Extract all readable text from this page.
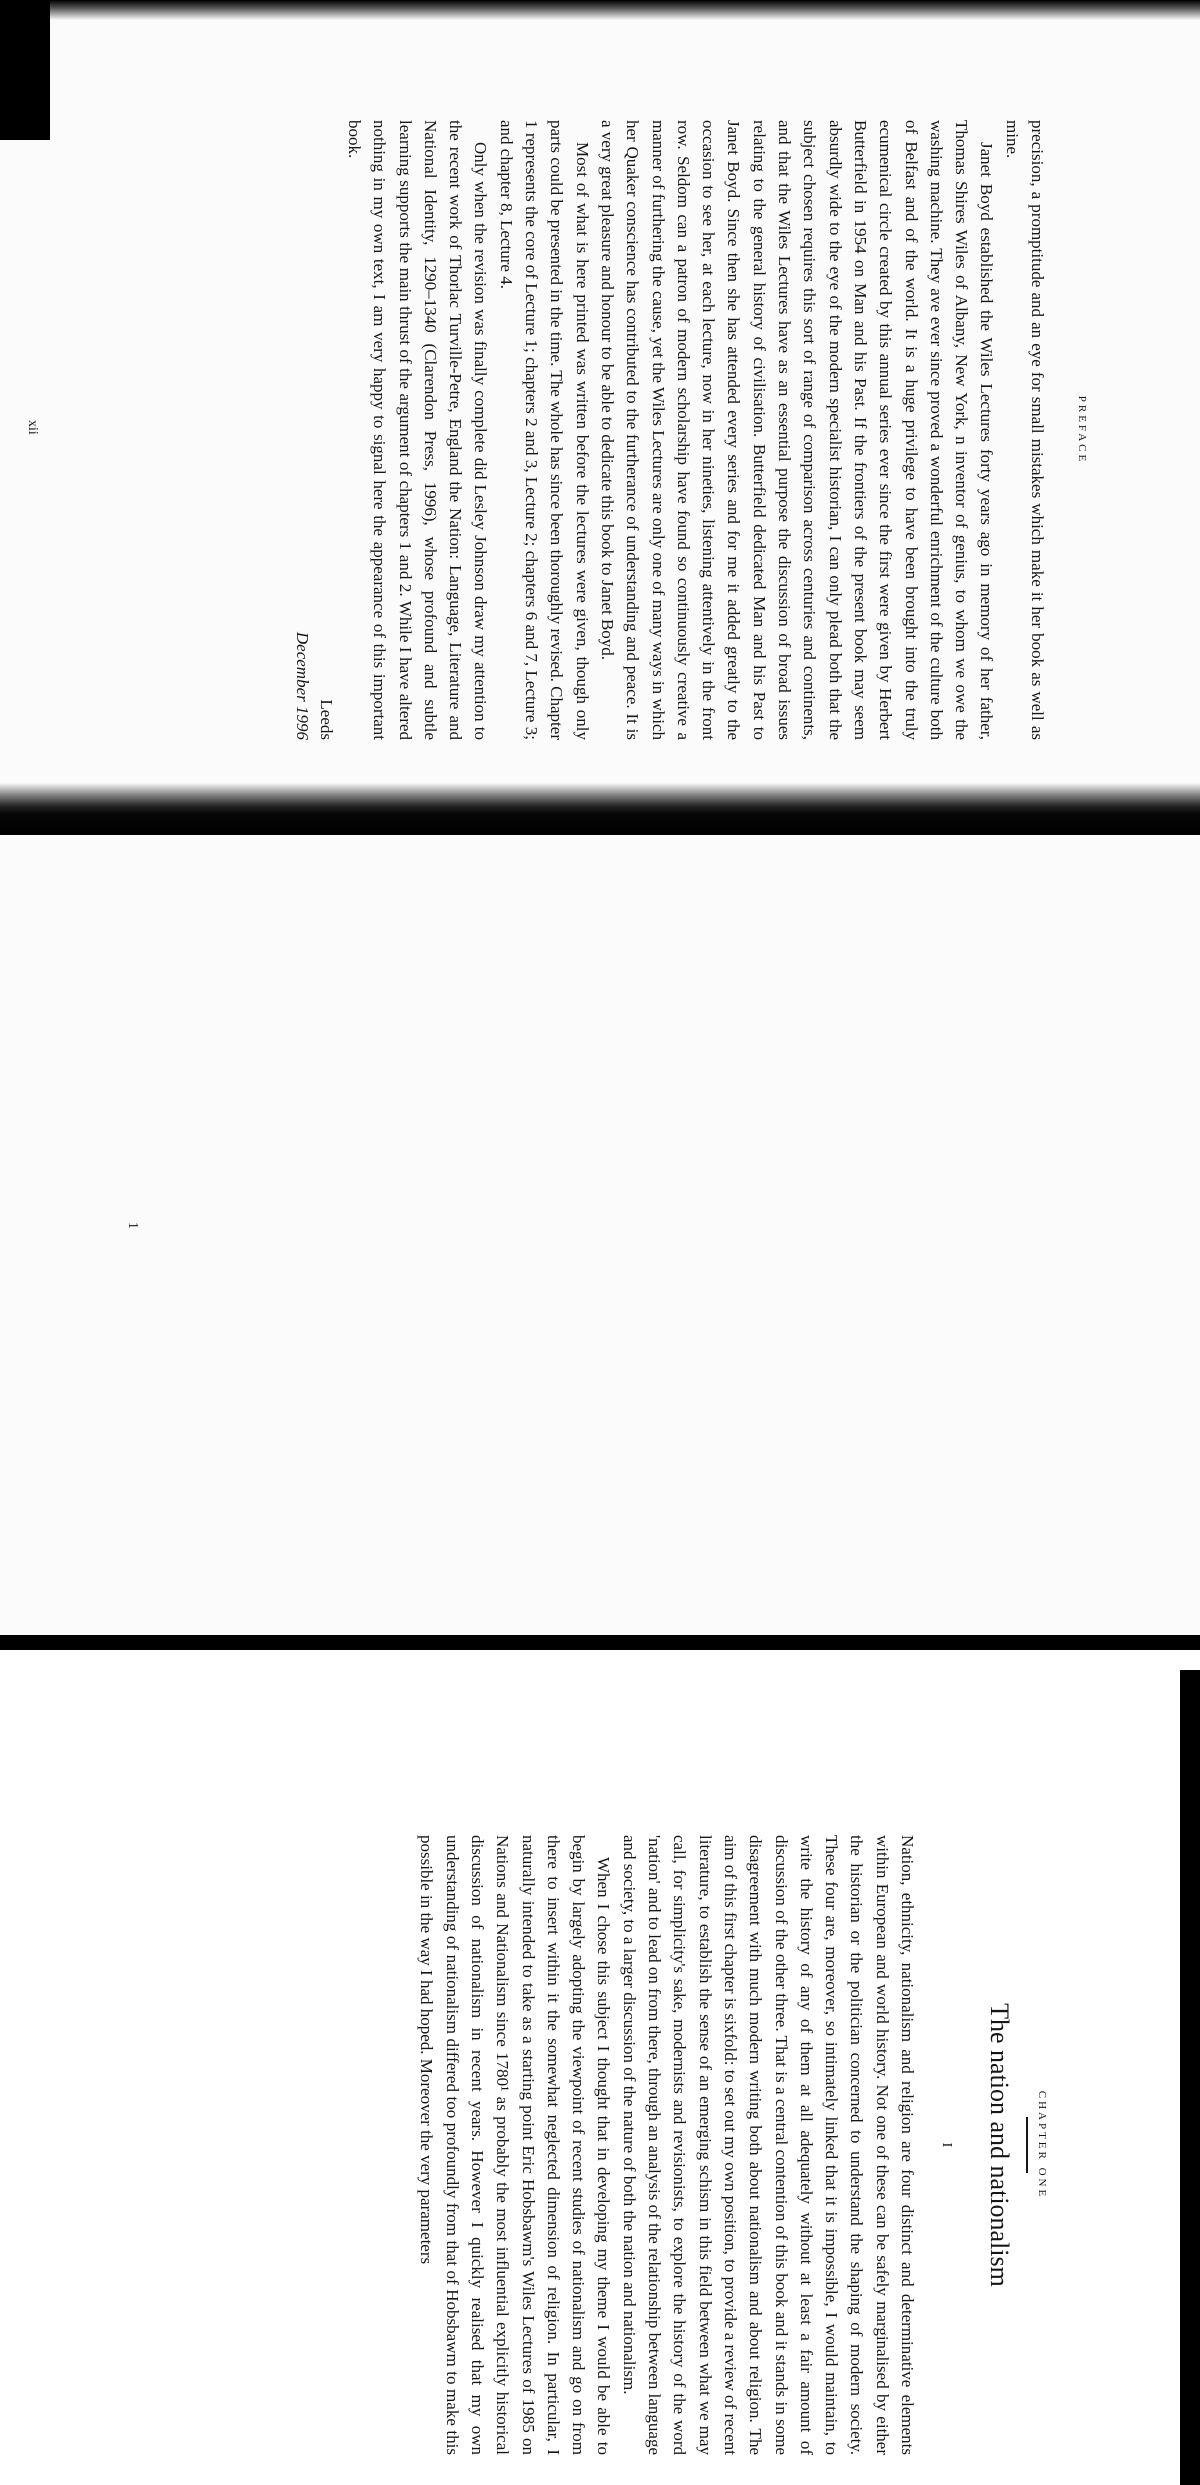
PREFACE

precision, a promptitude and an eye for small mistakes which make it her book as well as mine.

Janet Boyd established the Wiles Lectures forty years ago in memory of her father, Thomas Shires Wiles of Albany, New York, n inventor of genius, to whom we owe the washing machine. They ave ever since proved a wonderful enrichment of the culture both of Belfast and of the world. It is a huge privilege to have been brought into the truly ecumenical circle created by this annual series ever since the first were given by Herbert Butterfield in 1954 on Man and his Past. If the frontiers of the present book may seem absurdly wide to the eye of the modern specialist historian, I can only plead both that the subject chosen requires this sort of range of comparison across centuries and continents, and that the Wiles Lectures have as an essential purpose the discussion of broad issues relating to the general history of civilisation. Butterfield dedicated Man and his Past to Janet Boyd. Since then she has attended every series and for me it added greatly to the occasion to see her, at each lecture, now in her nineties, listening attentively in the front row. Seldom can a patron of modern scholarship have found so continuously creative a manner of furthering the cause, yet the Wiles Lectures are only one of many ways in which her Quaker conscience has contributed to the furtherance of understanding and peace. It is a very great pleasure and honour to be able to dedicate this book to Janet Boyd.

Most of what is here printed was written before the lectures were given, though only parts could be presented in the time. The whole has since been thoroughly revised. Chapter 1 represents the core of Lecture 1; chapters 2 and 3, Lecture 2; chapters 6 and 7, Lecture 3; and chapter 8, Lecture 4.

Only when the revision was finally complete did Lesley Johnson draw my attention to the recent work of Thorlac Turville-Petre, England the Nation: Language, Literature and National Identity, 1290–1340 (Clarendon Press, 1996), whose profound and subtle learning supports the main thrust of the argument of chapters 1 and 2. While I have altered nothing in my own text, I am very happy to signal here the appearance of this important book.

Leeds
December 1996
xii
CHAPTER ONE
The nation and nationalism
I

Nation, ethnicity, nationalism and religion are four distinct and determinative elements within European and world history. Not one of these can be safely marginalised by either the historian or the politician concerned to understand the shaping of modern society. These four are, moreover, so intimately linked that it is impossible, I would maintain, to write the history of any of them at all adequately without at least a fair amount of discussion of the other three. That is a central contention of this book and it stands in some disagreement with much modern writing both about nationalism and about religion. The aim of this first chapter is sixfold: to set out my own position, to provide a review of recent literature, to establish the sense of an emerging schism in this field between what we may call, for simplicity's sake, modernists and revisionists, to explore the history of the word 'nation' and to lead on from there, through an analysis of the relationship between language and society, to a larger discussion of the nature of both the nation and nationalism.

When I chose this subject I thought that in developing my theme I would be able to begin by largely adopting the viewpoint of recent studies of nationalism and go on from there to insert within it the somewhat neglected dimension of religion. In particular, I naturally intended to take as a starting point Eric Hobsbawm's Wiles Lectures of 1985 on Nations and Nationalism since 1780¹ as probably the most influential explicitly historical discussion of nationalism in recent years. However I quickly realised that my own understanding of nationalism differed too profoundly from that of Hobsbawm to make this possible in the way I had hoped. Moreover the very parameters

1
